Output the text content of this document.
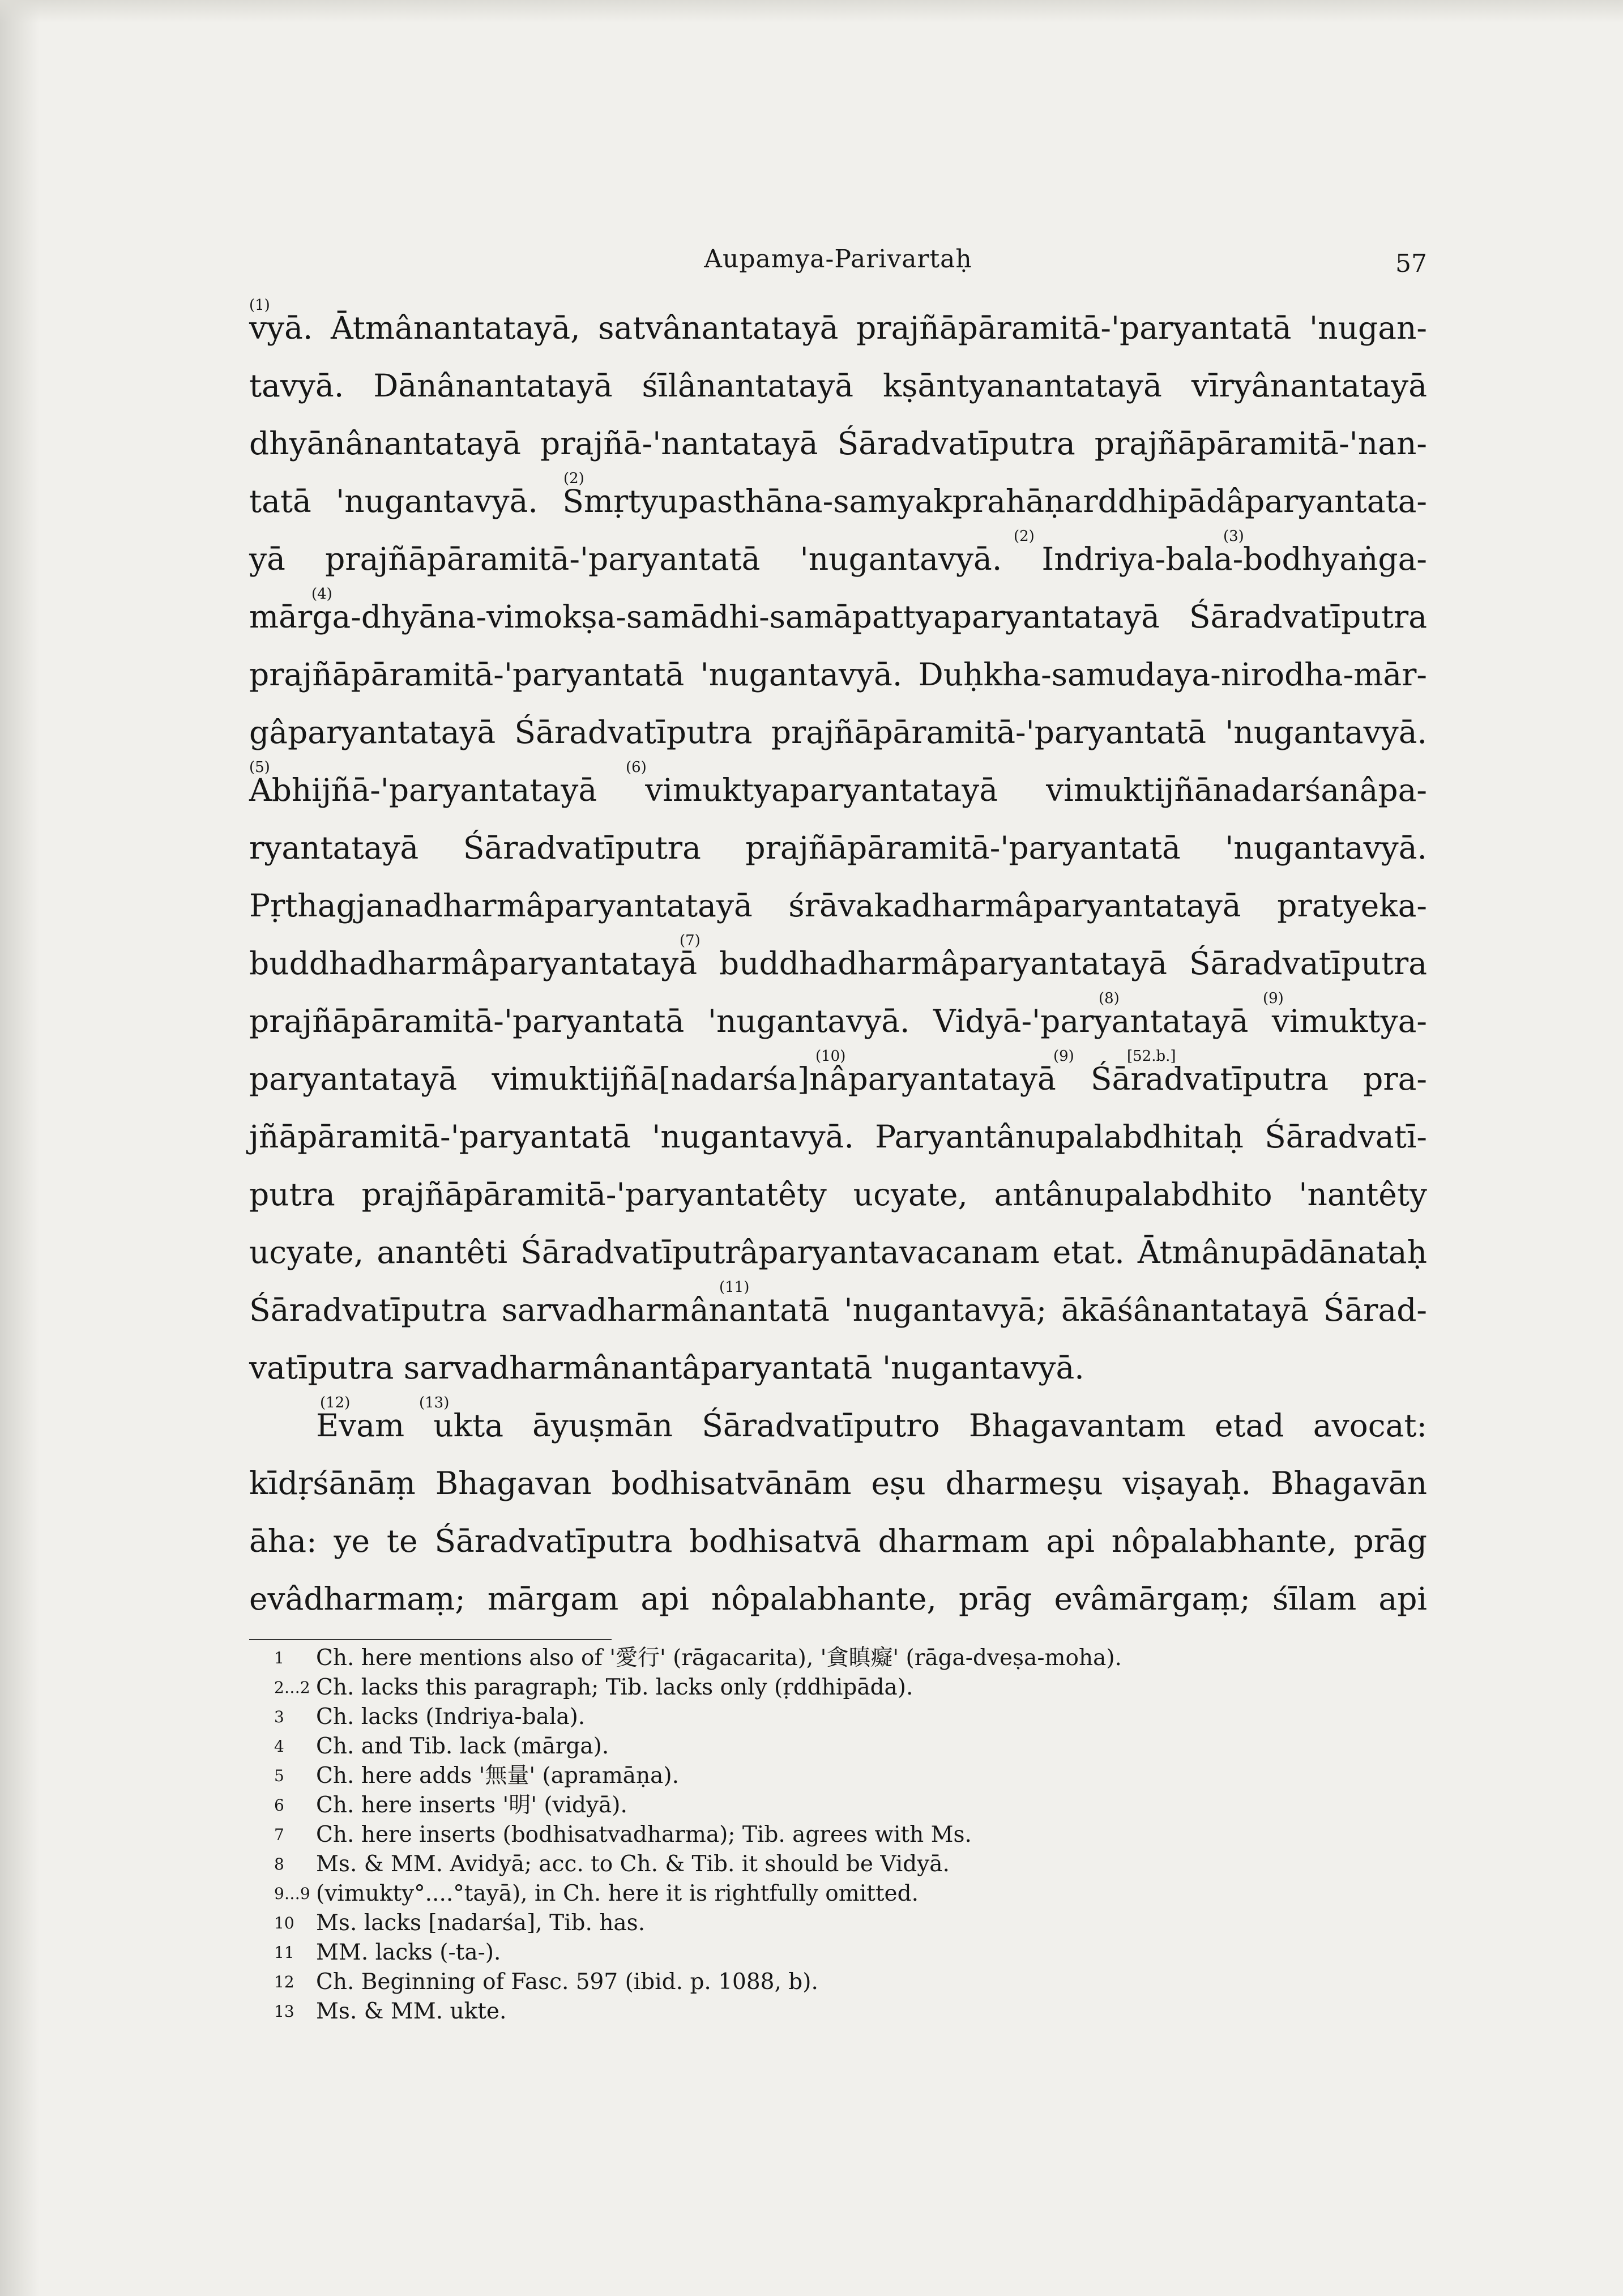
Aupamya-Parivartaḥ	57
(1)
vyā. Ātmânantatayā, satvânantatayā prajñāpāramitā-'paryantatā 'nugan-
tavyā. Dānânantatayā śīlânantatayā kṣāntyanantatayā vīryânantatayā
dhyānânantatayā prajñā-'nantatayā Śāradvatīputra prajñāpāramitā-'nan-
(2)
tatā 'nugantavyā. Smṛtyupasthāna-samyakprahāṇarddhipādâparyantata-
(2)	(3)
yā prajñāpāramitā-'paryantatā 'nugantavyā. Indriya-bala-bodhyaṅga-
(4)
mārga-dhyāna-vimokṣa-samādhi-samāpattyaparyantatayā Śāradvatīputra
prajñāpāramitā-'paryantatā 'nugantavyā. Duḥkha-samudaya-nirodha-mār-
gâparyantatayā Śāradvatīputra prajñāpāramitā-'paryantatā 'nugantavyā.
(5)	(6)
Abhijñā-'paryantatayā vimuktyaparyantatayā vimuktijñānadarśanâpa-
ryantatayā Śāradvatīputra prajñāpāramitā-'paryantatā 'nugantavyā.
Pṛthagjanadharmâparyantatayā śrāvakadharmâparyantatayā pratyeka-
(7)
buddhadharmâparyantatayā buddhadharmâparyantatayā Śāradvatīputra
(8)	(9)
prajñāpāramitā-'paryantatā 'nugantavyā. Vidyā-'paryantatayā vimuktya-
(10)	(9)	[52.b.]
paryantatayā vimuktijñā[nadarśa]nâparyantatayā Śāradvatīputra pra-
jñāpāramitā-'paryantatā 'nugantavyā. Paryantânupalabdhitaḥ Śāradvatī-
putra prajñāpāramitā-'paryantatêty ucyate, antânupalabdhito 'nantêty
ucyate, anantêti Śāradvatīputrâparyantavacanam etat. Ātmânupādānataḥ
(11)
Śāradvatīputra sarvadharmânantatā 'nugantavyā; ākāśânantatayā Śārad-
vatīputra sarvadharmânantâparyantatā 'nugantavyā.
(12)	(13)
Evam ukta āyuṣmān Śāradvatīputro Bhagavantam etad avocat:
kīdṛśānāṃ Bhagavan bodhisatvānām eṣu dharmeṣu viṣayaḥ. Bhagavān
āha: ye te Śāradvatīputra bodhisatvā dharmam api nôpalabhante, prāg
evâdharmaṃ; mārgam api nôpalabhante, prāg evâmārgaṃ; śīlam api
1	Ch. here mentions also of '愛行' (rāgacarita), '貪瞋癡' (rāga-dveṣa-moha).
2…2 Ch. lacks this paragraph; Tib. lacks only (ṛddhipāda).
3	Ch. lacks (Indriya-bala).
4	Ch. and Tib. lack (mārga).
5	Ch. here adds '無量' (apramāṇa).
6	Ch. here inserts '明' (vidyā).
7	Ch. here inserts (bodhisatvadharma); Tib. agrees with Ms.
8	Ms. & MM. Avidyā; acc. to Ch. & Tib. it should be Vidyā.
9…9 (vimukty°....°tayā), in Ch. here it is rightfully omitted.
10 Ms. lacks [nadarśa], Tib. has.
11 MM. lacks (-ta-).
12 Ch. Beginning of Fasc. 597 (ibid. p. 1088, b).
13 Ms. & MM. ukte.
